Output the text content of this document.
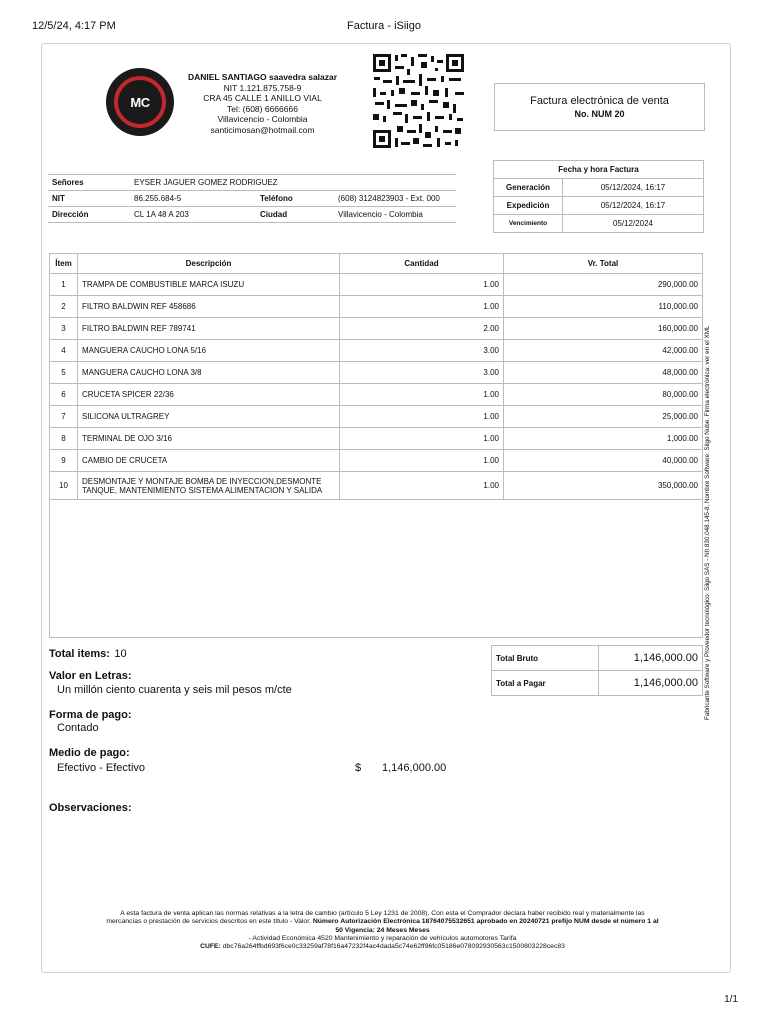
12/5/24, 4:17 PM	Factura - iSiigo
1/1
MC
DANIEL SANTIAGO saavedra salazar
NIT 1.121.875.758-9
CRA 45 CALLE 1 ANILLO VIAL
Tel: (608) 6666666
Villavicencio - Colombia
santicimosan@hotmail.com
Factura electrónica de venta
No. NUM 20
Señores	EYSER JAGUER GOMEZ RODRIGUEZ		
NIT	86.255.684-5	Teléfono	(608) 3124823903 - Ext. 000
Dirección	CL 1A 48 A 203	Ciudad	Villavicencio - Colombia
Fecha y hora Factura	
Generación	05/12/2024, 16:17
Expedición	05/12/2024, 16:17
Vencimiento	05/12/2024
Ítem	Descripción	Cantidad	Vr. Total
1	TRAMPA DE COMBUSTIBLE MARCA ISUZU	1.00	290,000.00
2	FILTRO BALDWIN REF 458686	1.00	110,000.00
3	FILTRO BALDWIN REF 789741	2.00	160,000.00
4	MANGUERA CAUCHO LONA 5/16	3.00	42,000.00
5	MANGUERA CAUCHO LONA 3/8	3.00	48,000.00
6	CRUCETA SPICER 22/36	1.00	80,000.00
7	SILICONA ULTRAGREY	1.00	25,000.00
8	TERMINAL DE OJO 3/16	1.00	1,000.00
9	CAMBIO DE CRUCETA	1.00	40,000.00
10	DESMONTAJE Y MONTAJE BOMBA DE INYECCION,DESMONTE TANQUE, MANTENIMIENTO SISTEMA ALIMENTACION Y SALIDA	1.00	350,000.00
Total items: 10
Valor en Letras:
Un millón ciento cuarenta y seis mil pesos m/cte
Forma de pago:
Contado
Medio de pago:
Efectivo - Efectivo	$ 1,146,000.00
Observaciones:
Total Bruto	1,146,000.00
Total a Pagar	1,146,000.00
A esta factura de venta aplican las normas relativas a la letra de cambio (artículo 5 Ley 1231 de 2008). Con esta el Comprador declara haber recibido real y materialmente las
mercancías o prestación de servicios descritos en este título - Valor. Número Autorización Electrónica 18764075532651 aprobado en 20240721 prefijo NUM desde el número 1 al
50 Vigencia: 24 Meses Meses
- Actividad Económica 4520 Mantenimiento y reparación de vehículos automotores Tarifa
CUFE: dbc76a264ffbd693f6ce0c33259af78f16a47232f4ac4dada5c74e62ff96fc05186e078092930563c1500803228cec83
Fabricante Software y Proveedor tecnológico: Siigo SAS - NIt 830.048.145-8, Nombre Software: Siigo Nube. Firma electrónica: ver en el XML
